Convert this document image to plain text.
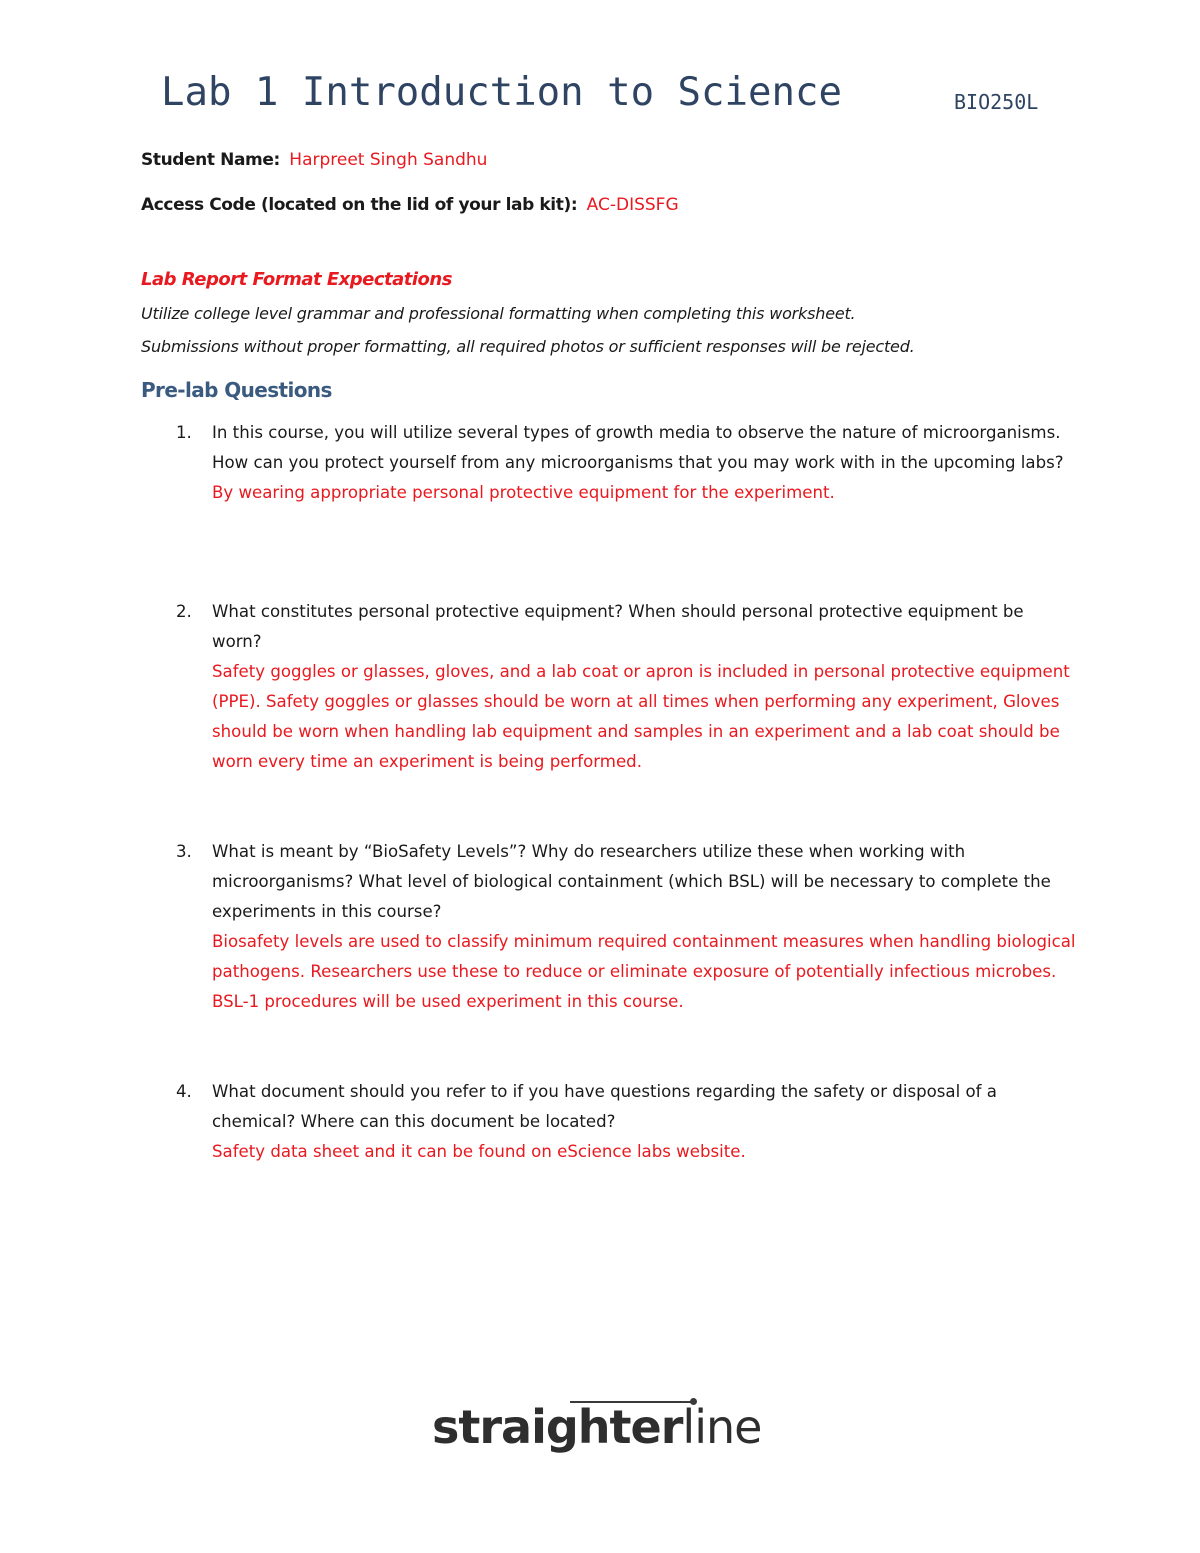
Lab 1 Introduction to Science	BIO250L
Student Name: Harpreet Singh Sandhu
Access Code (located on the lid of your lab kit): AC-DISSFG
Lab Report Format Expectations
Utilize college level grammar and professional formatting when completing this worksheet.
Submissions without proper formatting, all required photos or sufficient responses will be rejected.
Pre-lab Questions
1. In this course, you will utilize several types of growth media to observe the nature of microorganisms. How can you protect yourself from any microorganisms that you may work with in the upcoming labs?
By wearing appropriate personal protective equipment for the experiment.
2. What constitutes personal protective equipment? When should personal protective equipment be worn?
Safety goggles or glasses, gloves, and a lab coat or apron is included in personal protective equipment (PPE). Safety goggles or glasses should be worn at all times when performing any experiment, Gloves should be worn when handling lab equipment and samples in an experiment and a lab coat should be worn every time an experiment is being performed.
3. What is meant by “BioSafety Levels”? Why do researchers utilize these when working with microorganisms? What level of biological containment (which BSL) will be necessary to complete the experiments in this course?
Biosafety levels are used to classify minimum required containment measures when handling biological pathogens. Researchers use these to reduce or eliminate exposure of potentially infectious microbes. BSL-1 procedures will be used experiment in this course.
4. What document should you refer to if you have questions regarding the safety or disposal of a chemical? Where can this document be located?
Safety data sheet and it can be found on eScience labs website.
straighterline
